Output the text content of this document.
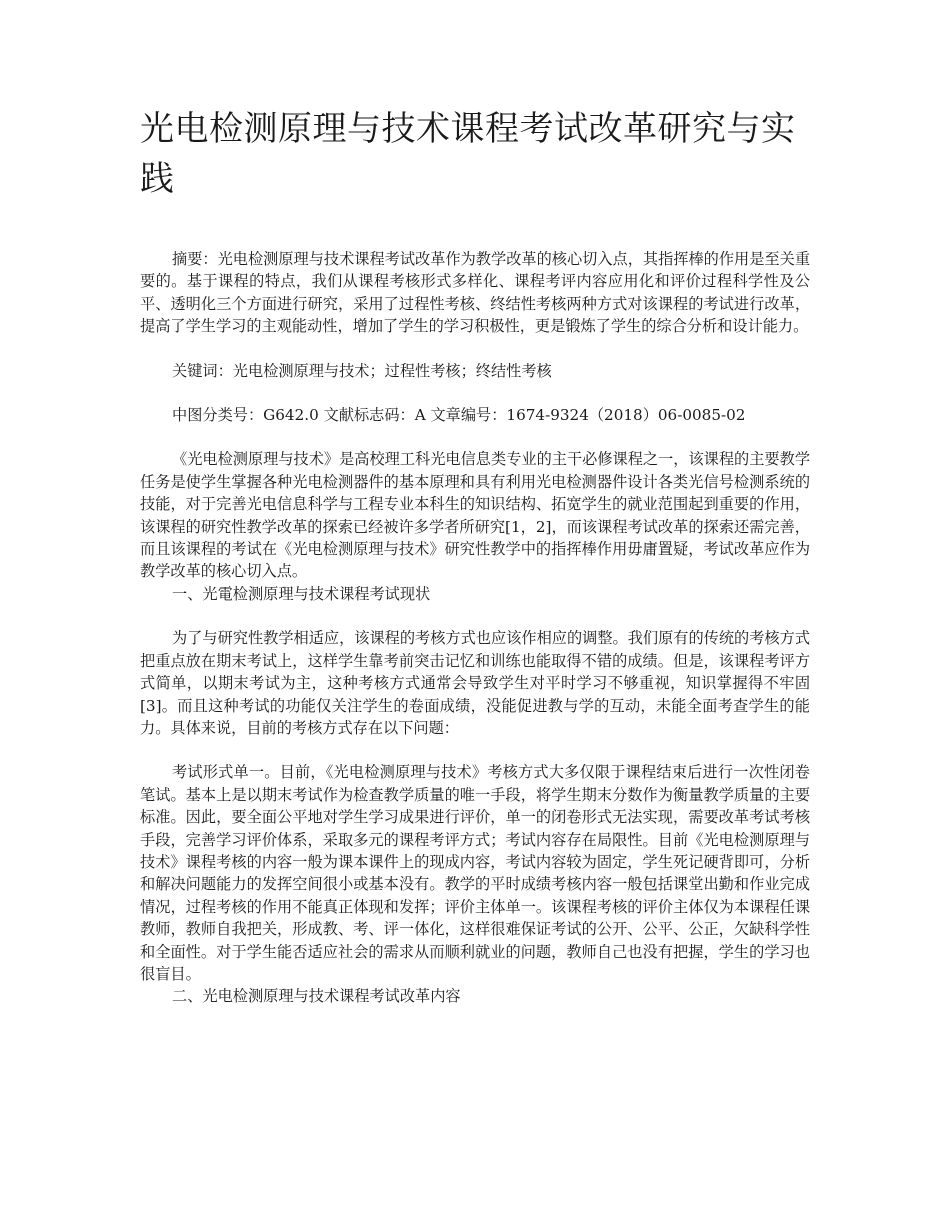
光电检测原理与技术课程考试改革研究与实践

摘要：光电检测原理与技术课程考试改革作为教学改革的核心切入点，其指挥棒的作用是至关重要的。基于课程的特点，我们从课程考核形式多样化、课程考评内容应用化和评价过程科学性及公平、透明化三个方面进行研究，采用了过程性考核、终结性考核两种方式对该课程的考试进行改革，提高了学生学习的主观能动性，增加了学生的学习积极性，更是锻炼了学生的综合分析和设计能力。

关键词：光电检测原理与技术；过程性考核；终结性考核

中图分类号：G642.0 文献标志码：A 文章编号：1674-9324（2018）06-0085-02

《光电检测原理与技术》是高校理工科光电信息类专业的主干必修课程之一，该课程的主要教学任务是使学生掌握各种光电检测器件的基本原理和具有利用光电检测器件设计各类光信号检测系统的技能，对于完善光电信息科学与工程专业本科生的知识结构、拓宽学生的就业范围起到重要的作用，该课程的研究性教学改革的探索已经被许多学者所研究[1，2]，而该课程考试改革的探索还需完善，而且该课程的考试在《光电检测原理与技术》研究性教学中的指挥棒作用毋庸置疑，考试改革应作为教学改革的核心切入点。

一、光電检测原理与技术课程考试现状

为了与研究性教学相适应，该课程的考核方式也应该作相应的调整。我们原有的传统的考核方式把重点放在期末考试上，这样学生靠考前突击记忆和训练也能取得不错的成绩。但是，该课程考评方式简单，以期末考试为主，这种考核方式通常会导致学生对平时学习不够重视，知识掌握得不牢固[3]。而且这种考试的功能仅关注学生的卷面成绩，没能促进教与学的互动，未能全面考查学生的能力。具体来说，目前的考核方式存在以下问题：

考试形式单一。目前，《光电检测原理与技术》考核方式大多仅限于课程结束后进行一次性闭卷笔试。基本上是以期末考试作为检查教学质量的唯一手段，将学生期末分数作为衡量教学质量的主要标准。因此，要全面公平地对学生学习成果进行评价，单一的闭卷形式无法实现，需要改革考试考核手段，完善学习评价体系，采取多元的课程考评方式；考试内容存在局限性。目前《光电检测原理与技术》课程考核的内容一般为课本课件上的现成内容，考试内容较为固定，学生死记硬背即可，分析和解决问题能力的发挥空间很小或基本没有。教学的平时成绩考核内容一般包括课堂出勤和作业完成情况，过程考核的作用不能真正体现和发挥；评价主体单一。该课程考核的评价主体仅为本课程任课教师，教师自我把关，形成教、考、评一体化，这样很难保证考试的公开、公平、公正，欠缺科学性和全面性。对于学生能否适应社会的需求从而顺利就业的问题，教师自己也没有把握，学生的学习也很盲目。

二、光电检测原理与技术课程考试改革内容
